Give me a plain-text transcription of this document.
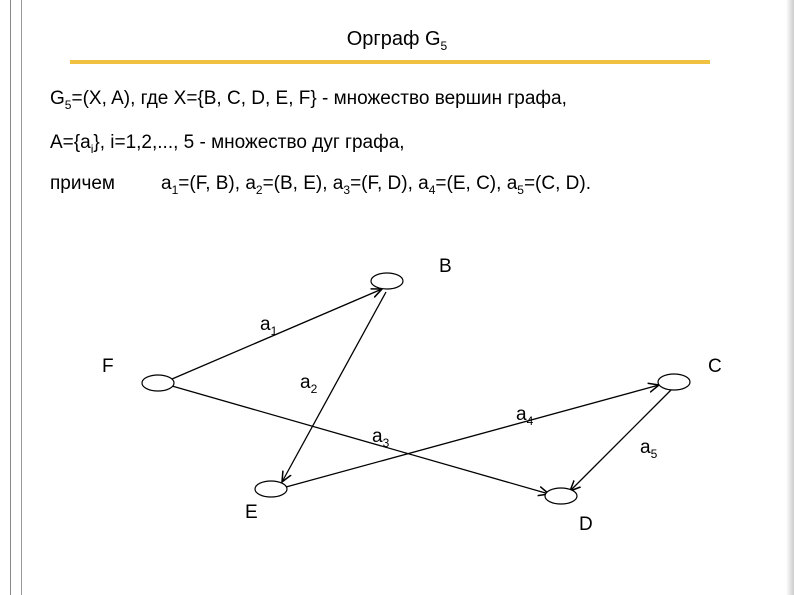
Орграф $G_5$
$G_5=(X$, A), где X={B, C, D, E, F} - множество вершин графа,
$A=\{a_i\}$, i=1,2,..., 5 - множество дуг графа,
причем $a_1=(F$, B), $a_2=(B$, E), $a_3=(F$, D), $a_4=(E$, C), $a_5=(C$, D).
$a_1$
$a_2$
$a_3$
$a_4$
$a_5$
B
C
D
E
F
